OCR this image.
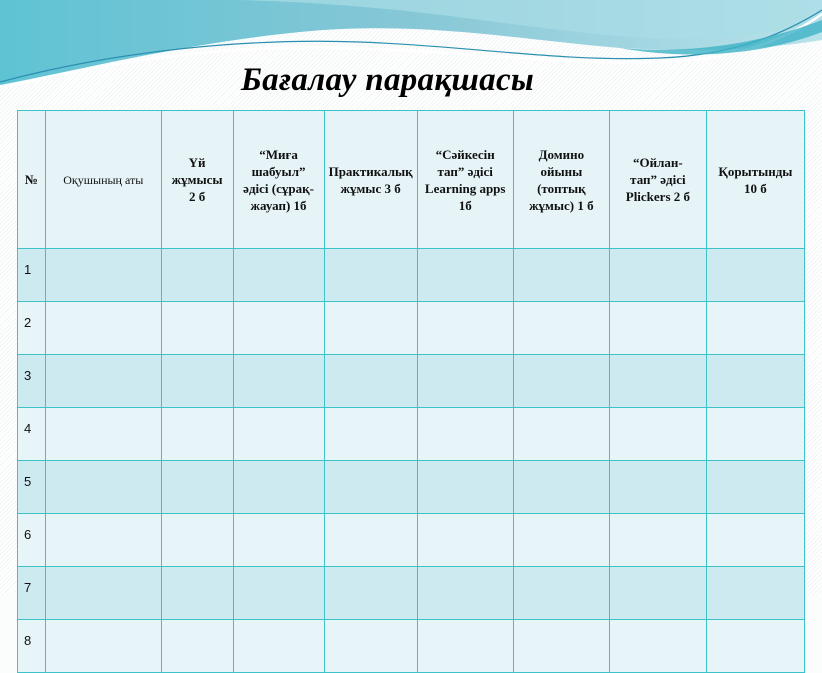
Бағалау парақшасы
№	Оқушының аты	Үй жұмысы 2 б	“Миға шабуыл” әдісі (сұрақ-жауап) 1б	Практикалық жұмыс 3 б	“Сәйкесін тап” әдісі Learning apps 1б	Домино ойыны (топтық жұмыс) 1 б	“Ойлан-тап” әдісі Plickers 2 б	Қорытынды 10 б
1								
2								
3								
4								
5								
6								
7								
8								
